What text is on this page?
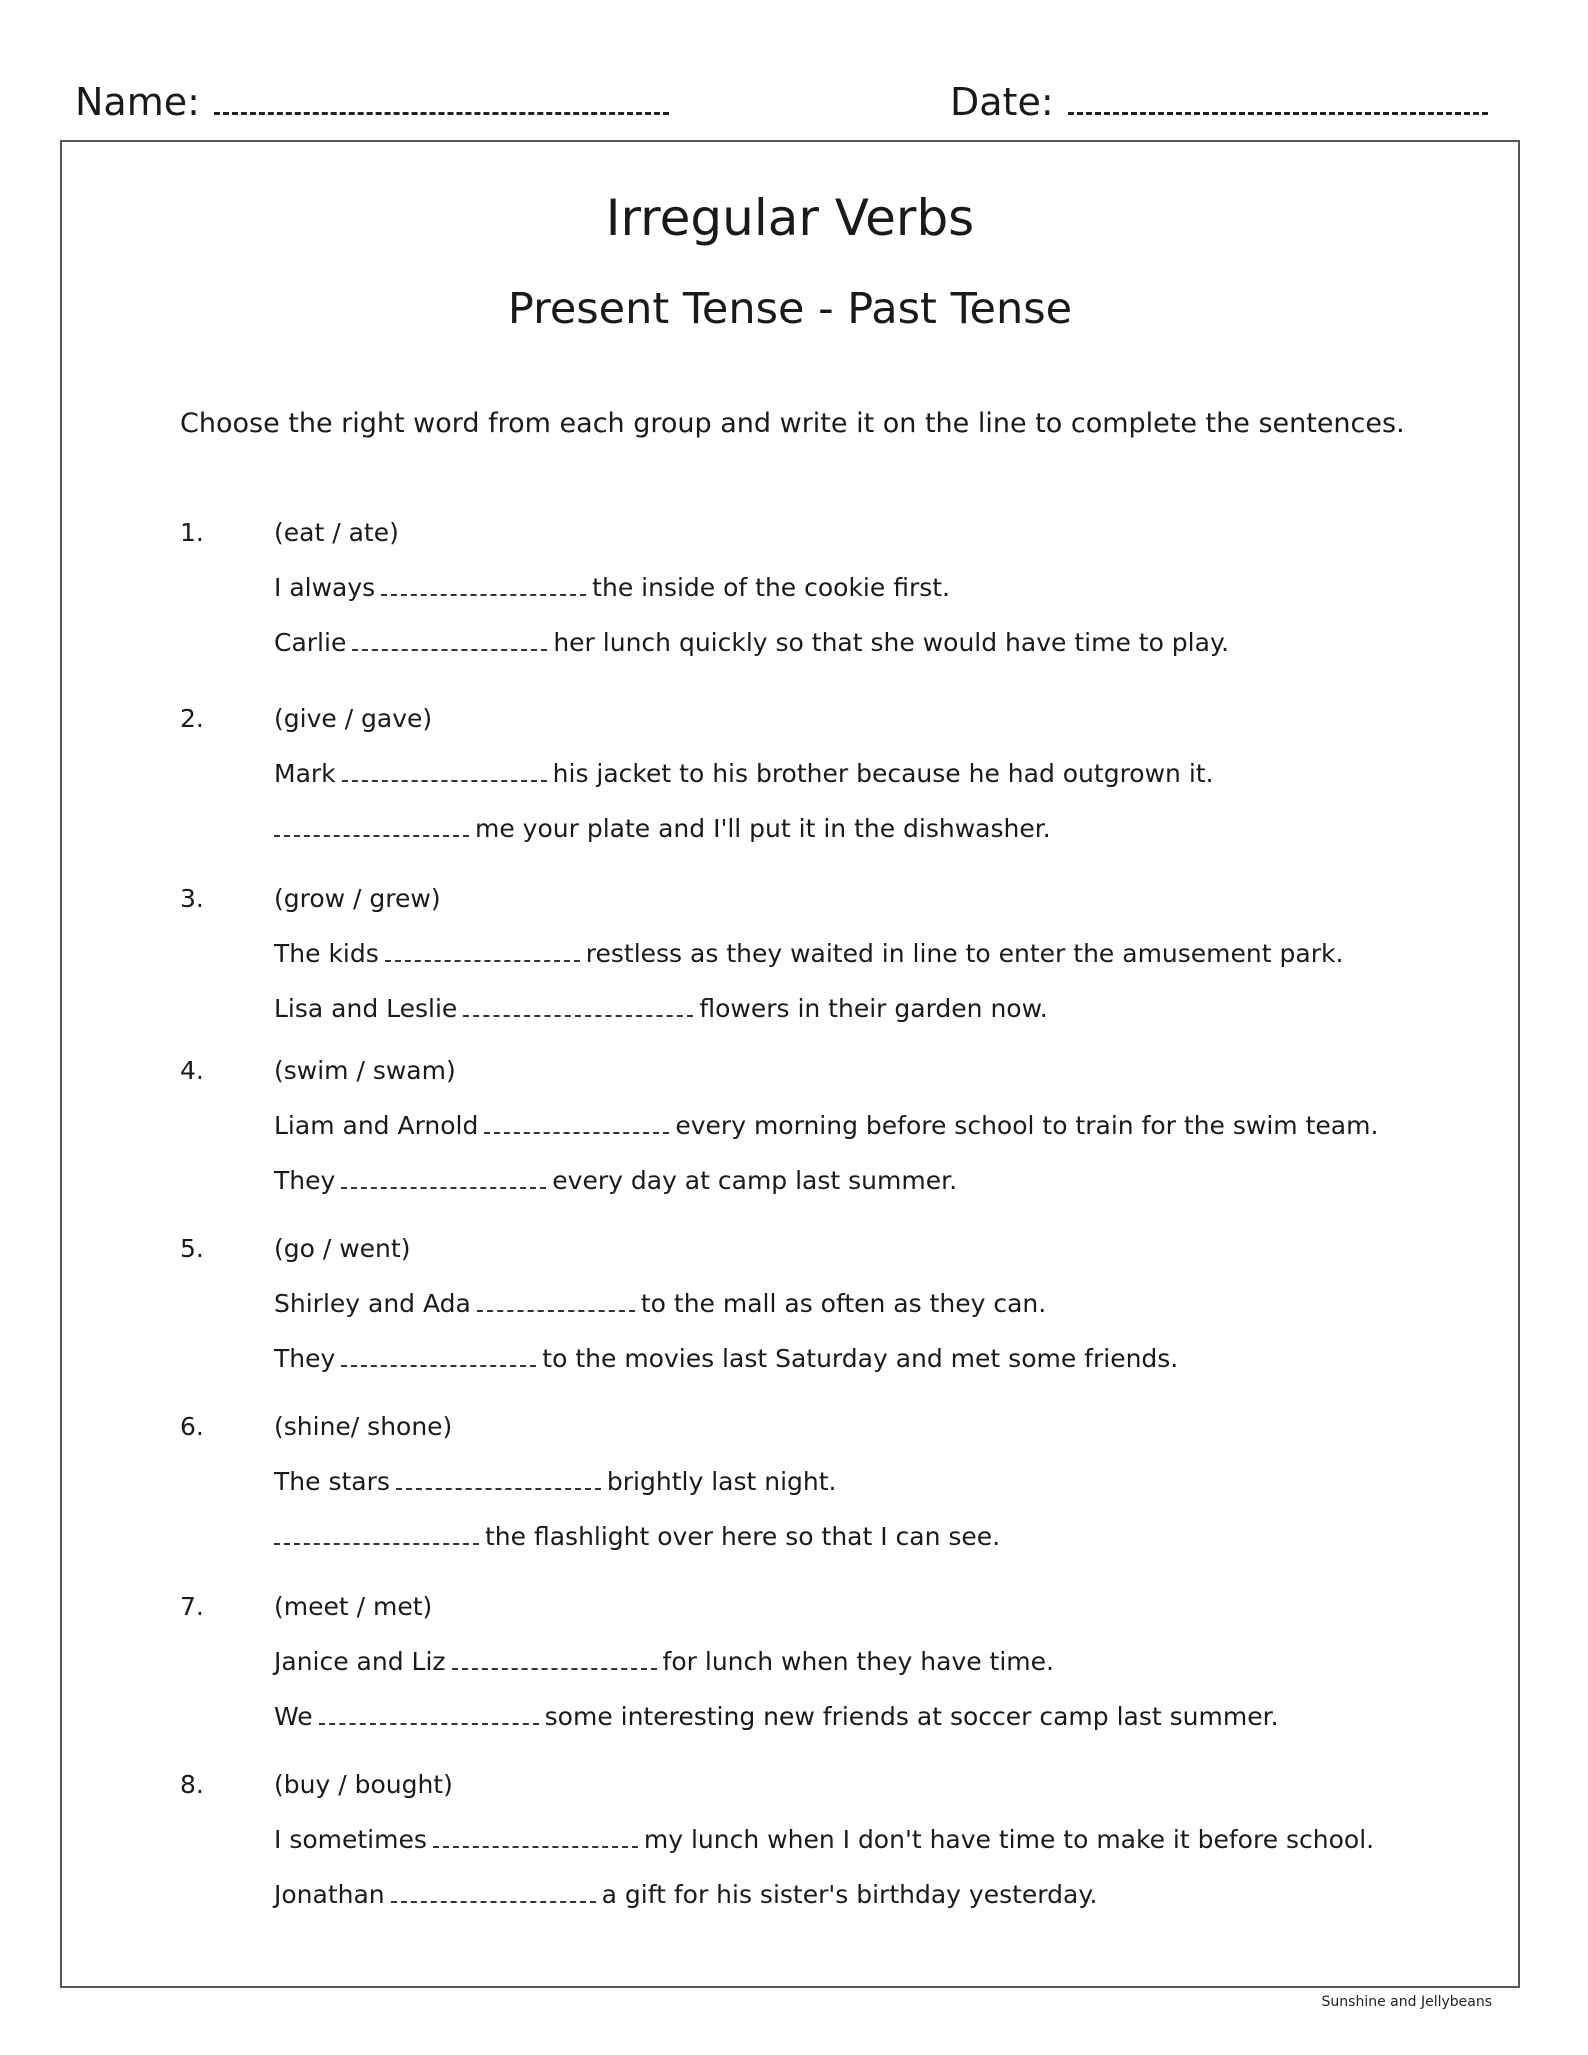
Name:	Date:
Irregular Verbs
Present Tense - Past Tense
Choose the right word from each group and write it on the line to complete the sentences.
1.	(eat / ate)
I always	the inside of the cookie first.
Carlie	her lunch quickly so that she would have time to play.
2.	(give / gave)
Mark	his jacket to his brother because he had outgrown it.
me your plate and I'll put it in the dishwasher.
3.	(grow / grew)
The kids	restless as they waited in line to enter the amusement park.
Lisa and Leslie	flowers in their garden now.
4.	(swim / swam)
Liam and Arnold	every morning before school to train for the swim team.
They	every day at camp last summer.
5.	(go / went)
Shirley and Ada	to the mall as often as they can.
They	to the movies last Saturday and met some friends.
6.	(shine/ shone)
The stars	brightly last night.
the flashlight over here so that I can see.
7.	(meet / met)
Janice and Liz	for lunch when they have time.
We	some interesting new friends at soccer camp last summer.
8.	(buy / bought)
I sometimes	my lunch when I don't have time to make it before school.
Jonathan	a gift for his sister's birthday yesterday.
Sunshine and Jellybeans
